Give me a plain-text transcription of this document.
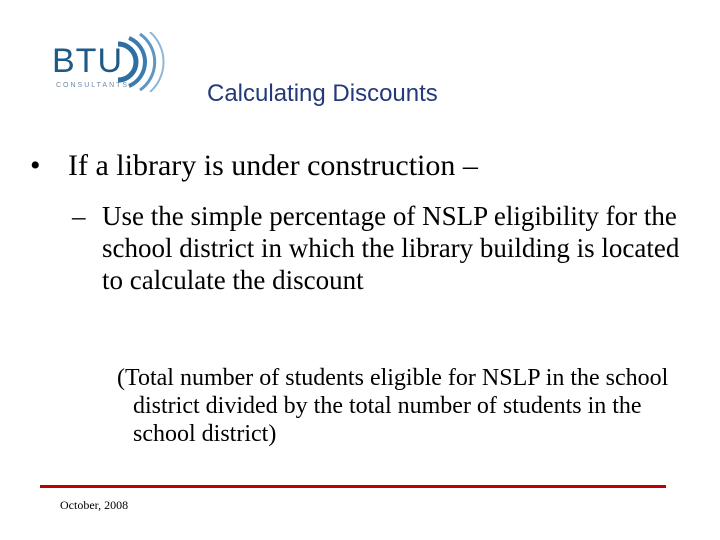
BTU
CONSULTANTS	Calculating Discounts
• If a library is under construction –
– Use the simple percentage of NSLP eligibility for the school district in which the library building is located to calculate the discount
(Total number of students eligible for NSLP in the school district divided by the total number of students in the school district)
October, 2008
